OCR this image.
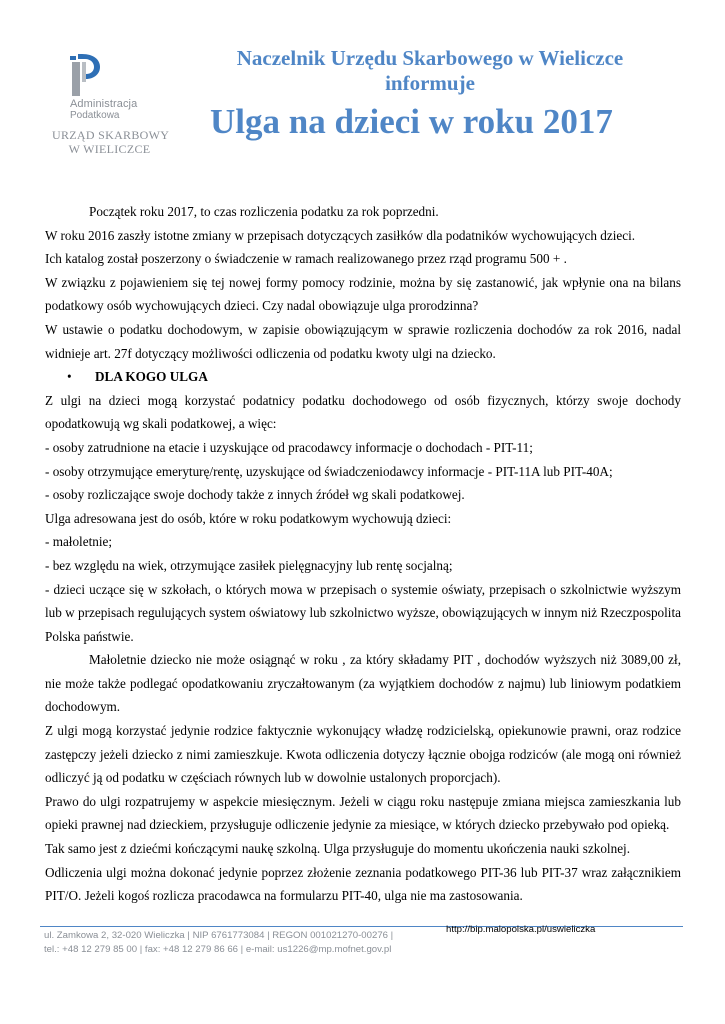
Administracja
Podatkowa
URZĄD SKARBOWY
W WIELICZCE
Naczelnik Urzędu Skarbowego w Wieliczce
informuje
Ulga na dzieci w roku 2017
Początek roku 2017, to czas rozliczenia podatku za rok poprzedni.
W roku 2016 zaszły istotne zmiany w przepisach dotyczących zasiłków dla podatników wychowujących dzieci.
Ich katalog został poszerzony o świadczenie w ramach realizowanego przez rząd programu 500 + .
W związku z pojawieniem się tej nowej formy pomocy rodzinie, można by się zastanowić, jak wpłynie ona na bilans podatkowy osób wychowujących dzieci. Czy nadal obowiązuje ulga prorodzinna?
W ustawie o podatku dochodowym, w zapisie obowiązującym w sprawie rozliczenia dochodów za rok 2016, nadal widnieje art. 27f dotyczący możliwości odliczenia od podatku kwoty ulgi na dziecko.
• DLA KOGO ULGA
Z ulgi na dzieci mogą korzystać podatnicy podatku dochodowego od osób fizycznych, którzy swoje dochody opodatkowują wg skali podatkowej, a więc:
- osoby zatrudnione na etacie i uzyskujące od pracodawcy informacje o dochodach - PIT-11;
- osoby otrzymujące emeryturę/rentę, uzyskujące od świadczeniodawcy informacje - PIT-11A lub PIT-40A;
- osoby rozliczające swoje dochody także z innych źródeł wg skali podatkowej.
Ulga adresowana jest do osób, które w roku podatkowym wychowują dzieci:
- małoletnie;
- bez względu na wiek, otrzymujące zasiłek pielęgnacyjny lub rentę socjalną;
- dzieci uczące się w szkołach, o których mowa w przepisach o systemie oświaty, przepisach o szkolnictwie wyższym lub w przepisach regulujących system oświatowy lub szkolnictwo wyższe, obowiązujących w innym niż Rzeczpospolita Polska państwie.
Małoletnie dziecko nie może osiągnąć w roku , za który składamy PIT , dochodów wyższych niż 3089,00 zł, nie może także podlegać opodatkowaniu zryczałtowanym (za wyjątkiem dochodów z najmu) lub liniowym podatkiem dochodowym.
Z ulgi mogą korzystać jedynie rodzice faktycznie wykonujący władzę rodzicielską, opiekunowie prawni, oraz rodzice zastępczy jeżeli dziecko z nimi zamieszkuje. Kwota odliczenia dotyczy łącznie obojga rodziców (ale mogą oni również odliczyć ją od podatku w częściach równych lub w dowolnie ustalonych proporcjach).
Prawo do ulgi rozpatrujemy w aspekcie miesięcznym. Jeżeli w ciągu roku następuje zmiana miejsca zamieszkania lub opieki prawnej nad dzieckiem, przysługuje odliczenie jedynie za miesiące, w których dziecko przebywało pod opieką.
Tak samo jest z dziećmi kończącymi naukę szkolną. Ulga przysługuje do momentu ukończenia nauki szkolnej.
Odliczenia ulgi można dokonać jedynie poprzez złożenie zeznania podatkowego PIT-36 lub PIT-37 wraz załącznikiem PIT/O. Jeżeli kogoś rozlicza pracodawca na formularzu PIT-40, ulga nie ma zastosowania.
ul. Zamkowa 2, 32-020 Wieliczka | NIP 6761773084 | REGON 001021270-00276 |
tel.: +48 12 279 85 00 | fax: +48 12 279 86 66 | e-mail: us1226@mp.mofnet.gov.pl
http://bip.malopolska.pl/uswieliczka
